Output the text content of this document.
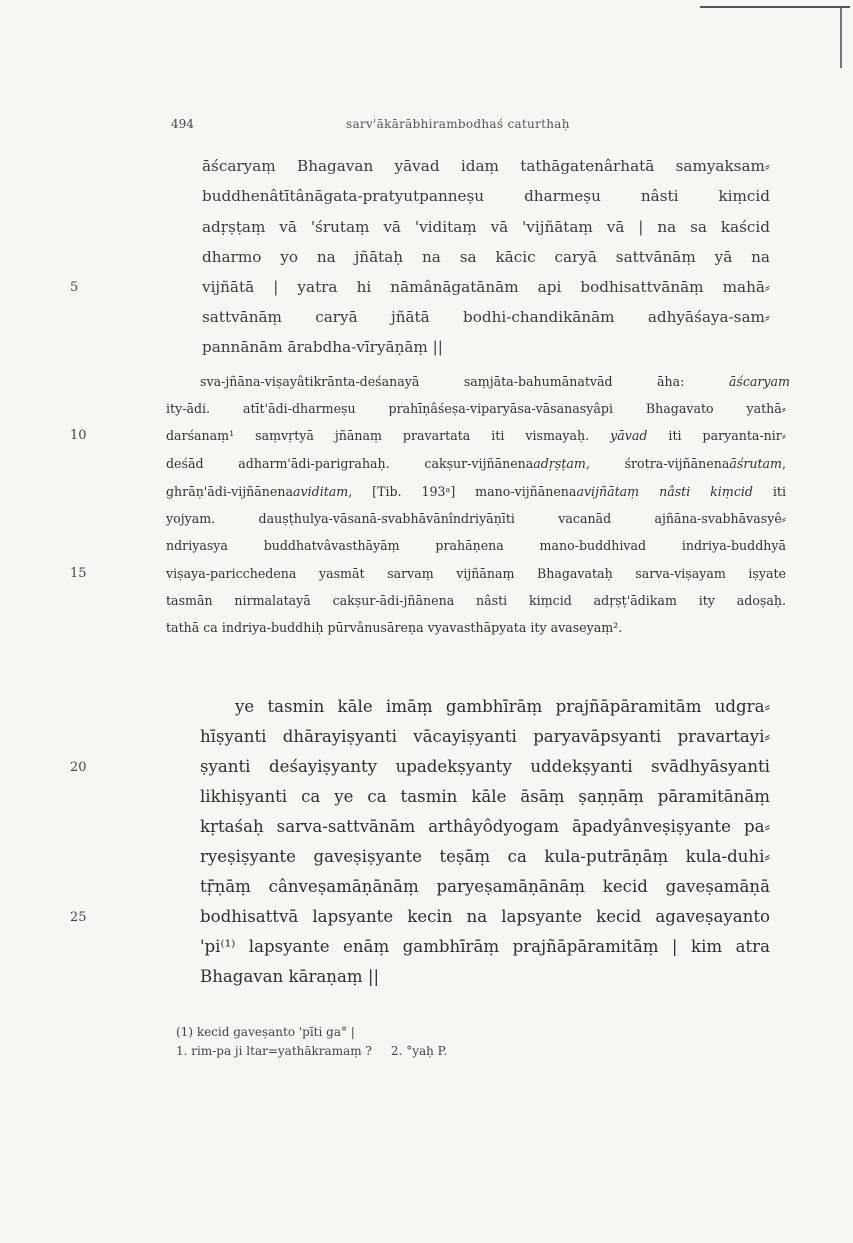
494	sarv'ākārābhirambodhaś caturthaḥ
āścaryaṃ Bhagavan yāvad idaṃ tathāgatenârhatā samyaksam⸗
buddhenâtītânāgata-pratyutpanneṣu dharmeṣu nâsti kiṃcid
adṛṣṭaṃ vā 'śrutaṃ vā 'viditaṃ vā 'vijñātaṃ vā | na sa kaścid
dharmo yo na jñātaḥ na sa kācic caryā sattvānāṃ yā na
5	vijñātā | yatra hi nāmânāgatānām api bodhisattvānāṃ mahā⸗
sattvānāṃ caryā jñātā bodhi-chandikānām adhyāśaya-sam⸗
pannānām ārabdha-vīryāṇāṃ ||
sva-jñāna-viṣayâtikrānta-deśanayā saṃjāta-bahumānatvād āha: āścaryam
ity-ādi. atīt'ādi-dharmeṣu prahīṇâśeṣa-viparyāsa-vāsanasyâpi Bhagavato yathā⸗
10	darśanaṃ¹ saṃvṛtyā jñānaṃ pravartata iti vismayaḥ. yāvad iti paryanta-nir⸗
deśād adharm'ādi-parigrahaḥ. cakṣur-vijñānenaadṛṣṭam, śrotra-vijñānenaāśrutam,
ghrāṇ'ādi-vijñānenaaviditam, [Tib. 193ᵃ] mano-vijñānenaavijñātaṃ nâsti kiṃcid iti
yojyam. dauṣṭhulya-vāsanā-svabhāvānîndriyāṇīti vacanād ajñāna-svabhāvasyê⸗
ndriyasya buddhatvâvasthāyāṃ prahāṇena mano-buddhivad indriya-buddhyā
15	viṣaya-paricchedena yasmāt sarvaṃ vijñānaṃ Bhagavataḥ sarva-viṣayam iṣyate
tasmān nirmalatayā cakṣur-ādi-jñānena nâsti kiṃcid adṛṣṭ'ādikam ity adoṣaḥ.
tathā ca indriya-buddhiḥ pūrvânusāreṇa vyavasthāpyata ity avaseyaṃ².
ye tasmin kāle imāṃ gambhīrāṃ prajñāpāramitām udgra⸗
hīṣyanti dhārayiṣyanti vācayiṣyanti paryavāpsyanti pravartayi⸗
20	ṣyanti deśayiṣyanty upadekṣyanty uddekṣyanti svādhyāsyanti
likhiṣyanti ca ye ca tasmin kāle āsāṃ ṣaṇṇāṃ pāramitānāṃ
kṛtaśaḥ sarva-sattvānām arthâyôdyogam āpadyânveṣiṣyante pa⸗
ryeṣiṣyante gaveṣiṣyante teṣāṃ ca kula-putrāṇāṃ kula-duhi⸗
tṝṇāṃ cânveṣamāṇānāṃ paryeṣamāṇānāṃ kecid gaveṣamāṇā
25	bodhisattvā lapsyante kecin na lapsyante kecid agaveṣayanto
'pi⁽¹⁾ lapsyante enāṃ gambhīrāṃ prajñāpāramitāṃ | kim atra
Bhagavan kāraṇaṃ ||
(1) kecid gaveṣanto 'pīti ga° |
1. rim-pa ji ltar=yathākramaṃ ?     2. °yaḥ P.
